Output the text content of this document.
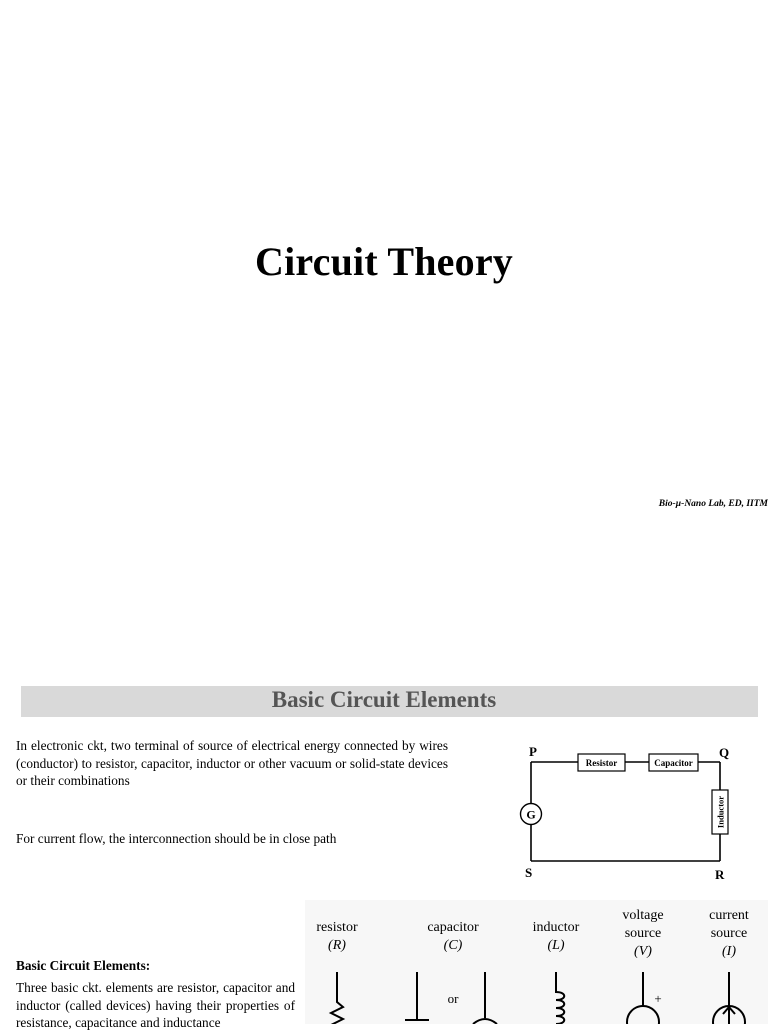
Circuit Theory
Bio-µ-Nano Lab, ED, IITM
Basic Circuit Elements
In electronic ckt, two terminal of source of electrical energy connected by wires (conductor) to resistor, capacitor, inductor or other vacuum or solid-state devices or their combinations
For current flow, the interconnection should be in close path
Basic Circuit Elements:
Three basic ckt. elements are resistor, capacitor and inductor (called devices) having their properties of resistance, capacitance and inductance
Resistor	Capacitor
Inductor
G
P	Q
S	R
resistor
(R)
capacitor
(C)
inductor
(L)
voltage
source
(V)
current
source
(I)
or	+
